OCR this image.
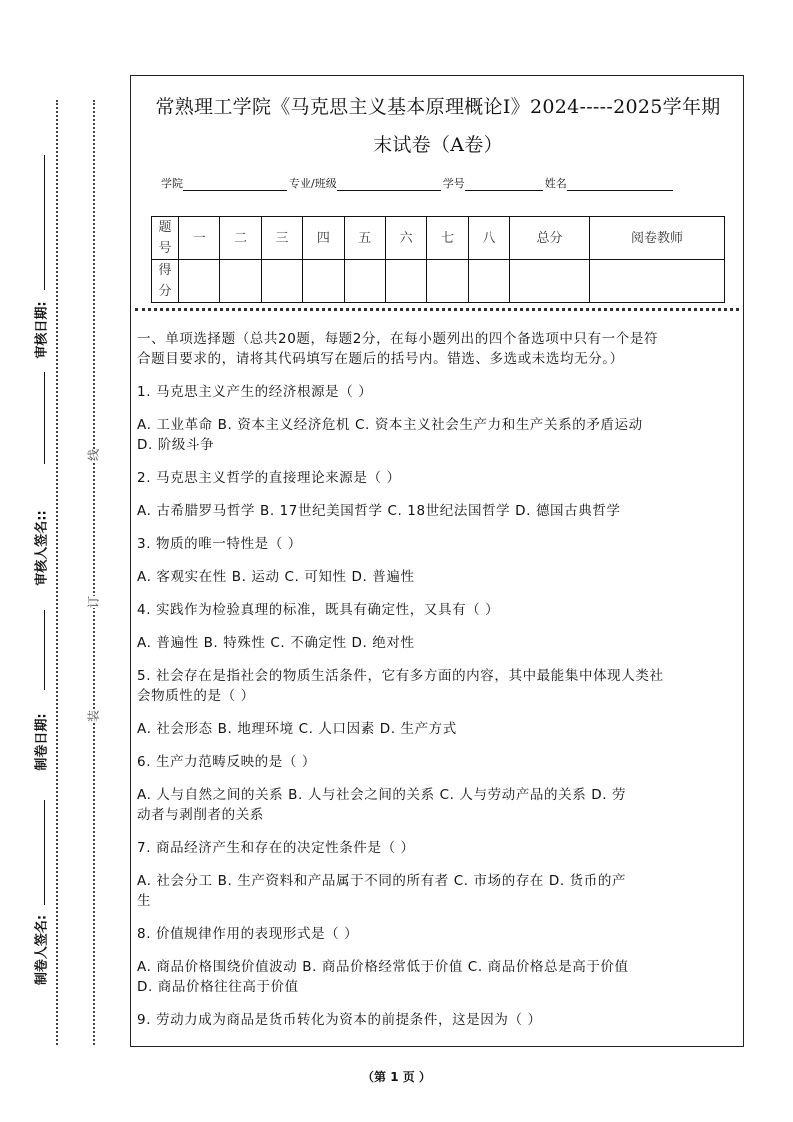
审核日期:
审核人签名::
制卷日期:
制卷人签名:
线
订
装
常熟理工学院《马克思主义基本原理概论I》2024-----2025学年期
末试卷（A卷）
学院	专业/班级	学号	姓名
题号	一	二	三	四	五	六	七	八	总分	阅卷教师
得分										
一、单项选择题（总共20题，每题2分，在每小题列出的四个备选项中只有一个是符
合题目要求的，请将其代码填写在题后的括号内。错选、多选或未选均无分。）
1. 马克思主义产生的经济根源是（ ）
A. 工业革命 B. 资本主义经济危机 C. 资本主义社会生产力和生产关系的矛盾运动
D. 阶级斗争
2. 马克思主义哲学的直接理论来源是（ ）
A. 古希腊罗马哲学 B. 17世纪美国哲学 C. 18世纪法国哲学 D. 德国古典哲学
3. 物质的唯一特性是（ ）
A. 客观实在性 B. 运动 C. 可知性 D. 普遍性
4. 实践作为检验真理的标准，既具有确定性，又具有（ ）
A. 普遍性 B. 特殊性 C. 不确定性 D. 绝对性
5. 社会存在是指社会的物质生活条件，它有多方面的内容，其中最能集中体现人类社
会物质性的是（ ）
A. 社会形态 B. 地理环境 C. 人口因素 D. 生产方式
6. 生产力范畴反映的是（ ）
A. 人与自然之间的关系 B. 人与社会之间的关系 C. 人与劳动产品的关系 D. 劳
动者与剥削者的关系
7. 商品经济产生和存在的决定性条件是（ ）
A. 社会分工 B. 生产资料和产品属于不同的所有者 C. 市场的存在 D. 货币的产
生
8. 价值规律作用的表现形式是（ ）
A. 商品价格围绕价值波动 B. 商品价格经常低于价值 C. 商品价格总是高于价值
D. 商品价格往往高于价值
9. 劳动力成为商品是货币转化为资本的前提条件，这是因为（ ）
（第 1 页 ）
